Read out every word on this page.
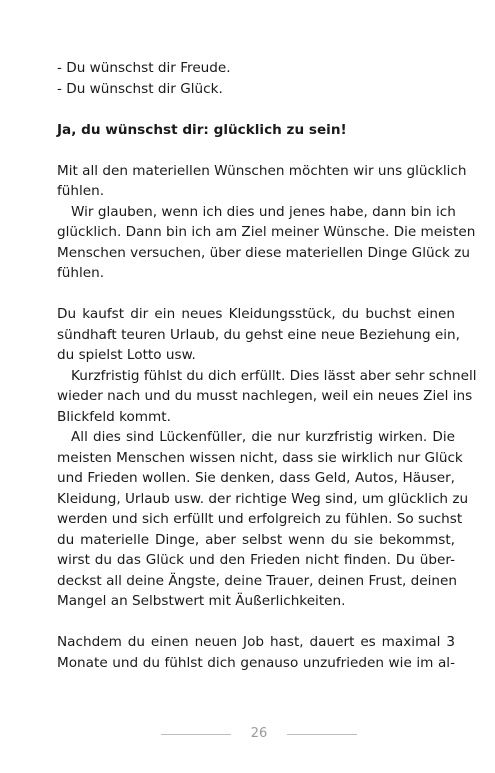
- Du wünschst dir Freude.
- Du wünschst dir Glück.
Ja, du wünschst dir: glücklich zu sein!
Mit all den materiellen Wünschen möchten wir uns glücklich
fühlen.
Wir glauben, wenn ich dies und jenes habe, dann bin ich
glücklich. Dann bin ich am Ziel meiner Wünsche. Die meisten
Menschen versuchen, über diese materiellen Dinge Glück zu
fühlen.
Du kaufst dir ein neues Kleidungsstück, du buchst einen
sündhaft teuren Urlaub, du gehst eine neue Beziehung ein,
du spielst Lotto usw.
Kurzfristig fühlst du dich erfüllt. Dies lässt aber sehr schnell
wieder nach und du musst nachlegen, weil ein neues Ziel ins
Blickfeld kommt.
All dies sind Lückenfüller, die nur kurzfristig wirken. Die
meisten Menschen wissen nicht, dass sie wirklich nur Glück
und Frieden wollen. Sie denken, dass Geld, Autos, Häuser,
Kleidung, Urlaub usw. der richtige Weg sind, um glücklich zu
werden und sich erfüllt und erfolgreich zu fühlen. So suchst
du materielle Dinge, aber selbst wenn du sie bekommst,
wirst du das Glück und den Frieden nicht finden. Du über-
deckst all deine Ängste, deine Trauer, deinen Frust, deinen
Mangel an Selbstwert mit Äußerlichkeiten.
Nachdem du einen neuen Job hast, dauert es maximal 3
Monate und du fühlst dich genauso unzufrieden wie im al-
26
